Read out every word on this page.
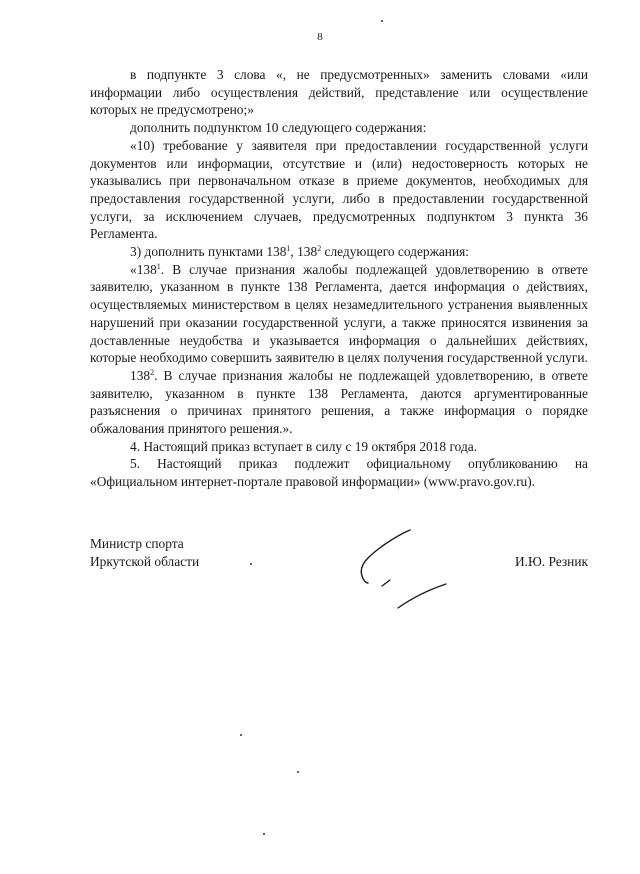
8

в подпункте 3 слова «, не предусмотренных» заменить словами «или информации либо осуществления действий, представление или осуществление которых не предусмотрено;»

дополнить подпунктом 10 следующего содержания:

«10) требование у заявителя при предоставлении государственной услуги документов или информации, отсутствие и (или) недостоверность которых не указывались при первоначальном отказе в приеме документов, необходимых для предоставления государственной услуги, либо в предоставлении государственной услуги, за исключением случаев, предусмотренных подпунктом 3 пункта 36 Регламента.

3) дополнить пунктами $138^1$, $138^2$ следующего содержания:

«$138^1$. В случае признания жалобы подлежащей удовлетворению в ответе заявителю, указанном в пункте 138 Регламента, дается информация о действиях, осуществляемых министерством в целях незамедлительного устранения выявленных нарушений при оказании государственной услуги, а также приносятся извинения за доставленные неудобства и указывается информация о дальнейших действиях, которые необходимо совершить заявителю в целях получения государственной услуги.

$138^2$. В случае признания жалобы не подлежащей удовлетворению, в ответе заявителю, указанном в пункте 138 Регламента, даются аргументированные разъяснения о причинах принятого решения, а также информация о порядке обжалования принятого решения.».

4. Настоящий приказ вступает в силу с 19 октября 2018 года.

5. Настоящий приказ подлежит официальному опубликованию на «Официальном интернет-портале правовой информации» (www.pravo.gov.ru).

Министр спорта
Иркутской области	И.Ю. Резник
